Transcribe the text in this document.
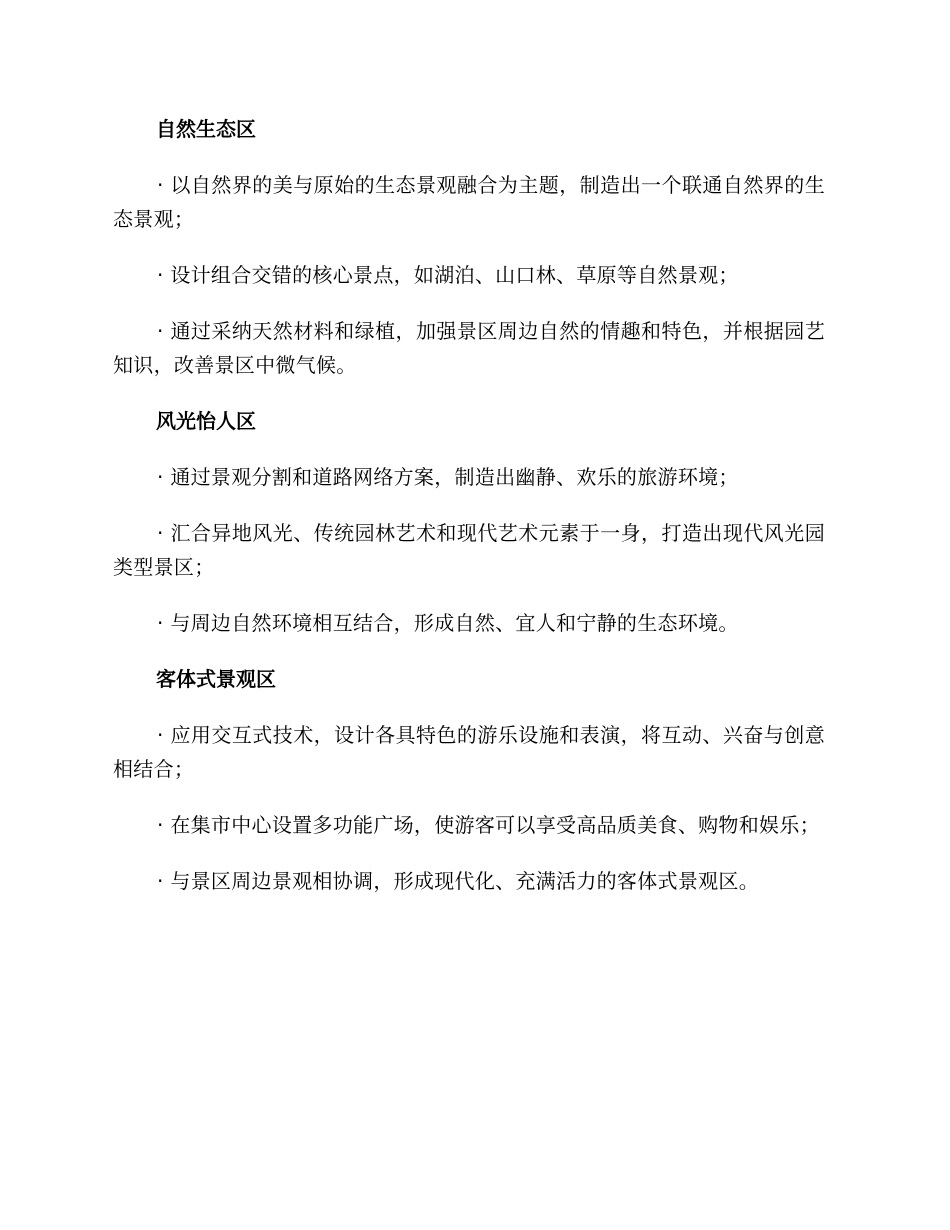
自然生态区

· 以自然界的美与原始的生态景观融合为主题，制造出一个联通自然界的生态景观；

· 设计组合交错的核心景点，如湖泊、山口林、草原等自然景观；

· 通过采纳天然材料和绿植，加强景区周边自然的情趣和特色，并根据园艺知识，改善景区中微气候。

风光怡人区

· 通过景观分割和道路网络方案，制造出幽静、欢乐的旅游环境；

· 汇合异地风光、传统园林艺术和现代艺术元素于一身，打造出现代风光园类型景区；

· 与周边自然环境相互结合，形成自然、宜人和宁静的生态环境。

客体式景观区

· 应用交互式技术，设计各具特色的游乐设施和表演，将互动、兴奋与创意相结合；

· 在集市中心设置多功能广场，使游客可以享受高品质美食、购物和娱乐；

· 与景区周边景观相协调，形成现代化、充满活力的客体式景观区。
